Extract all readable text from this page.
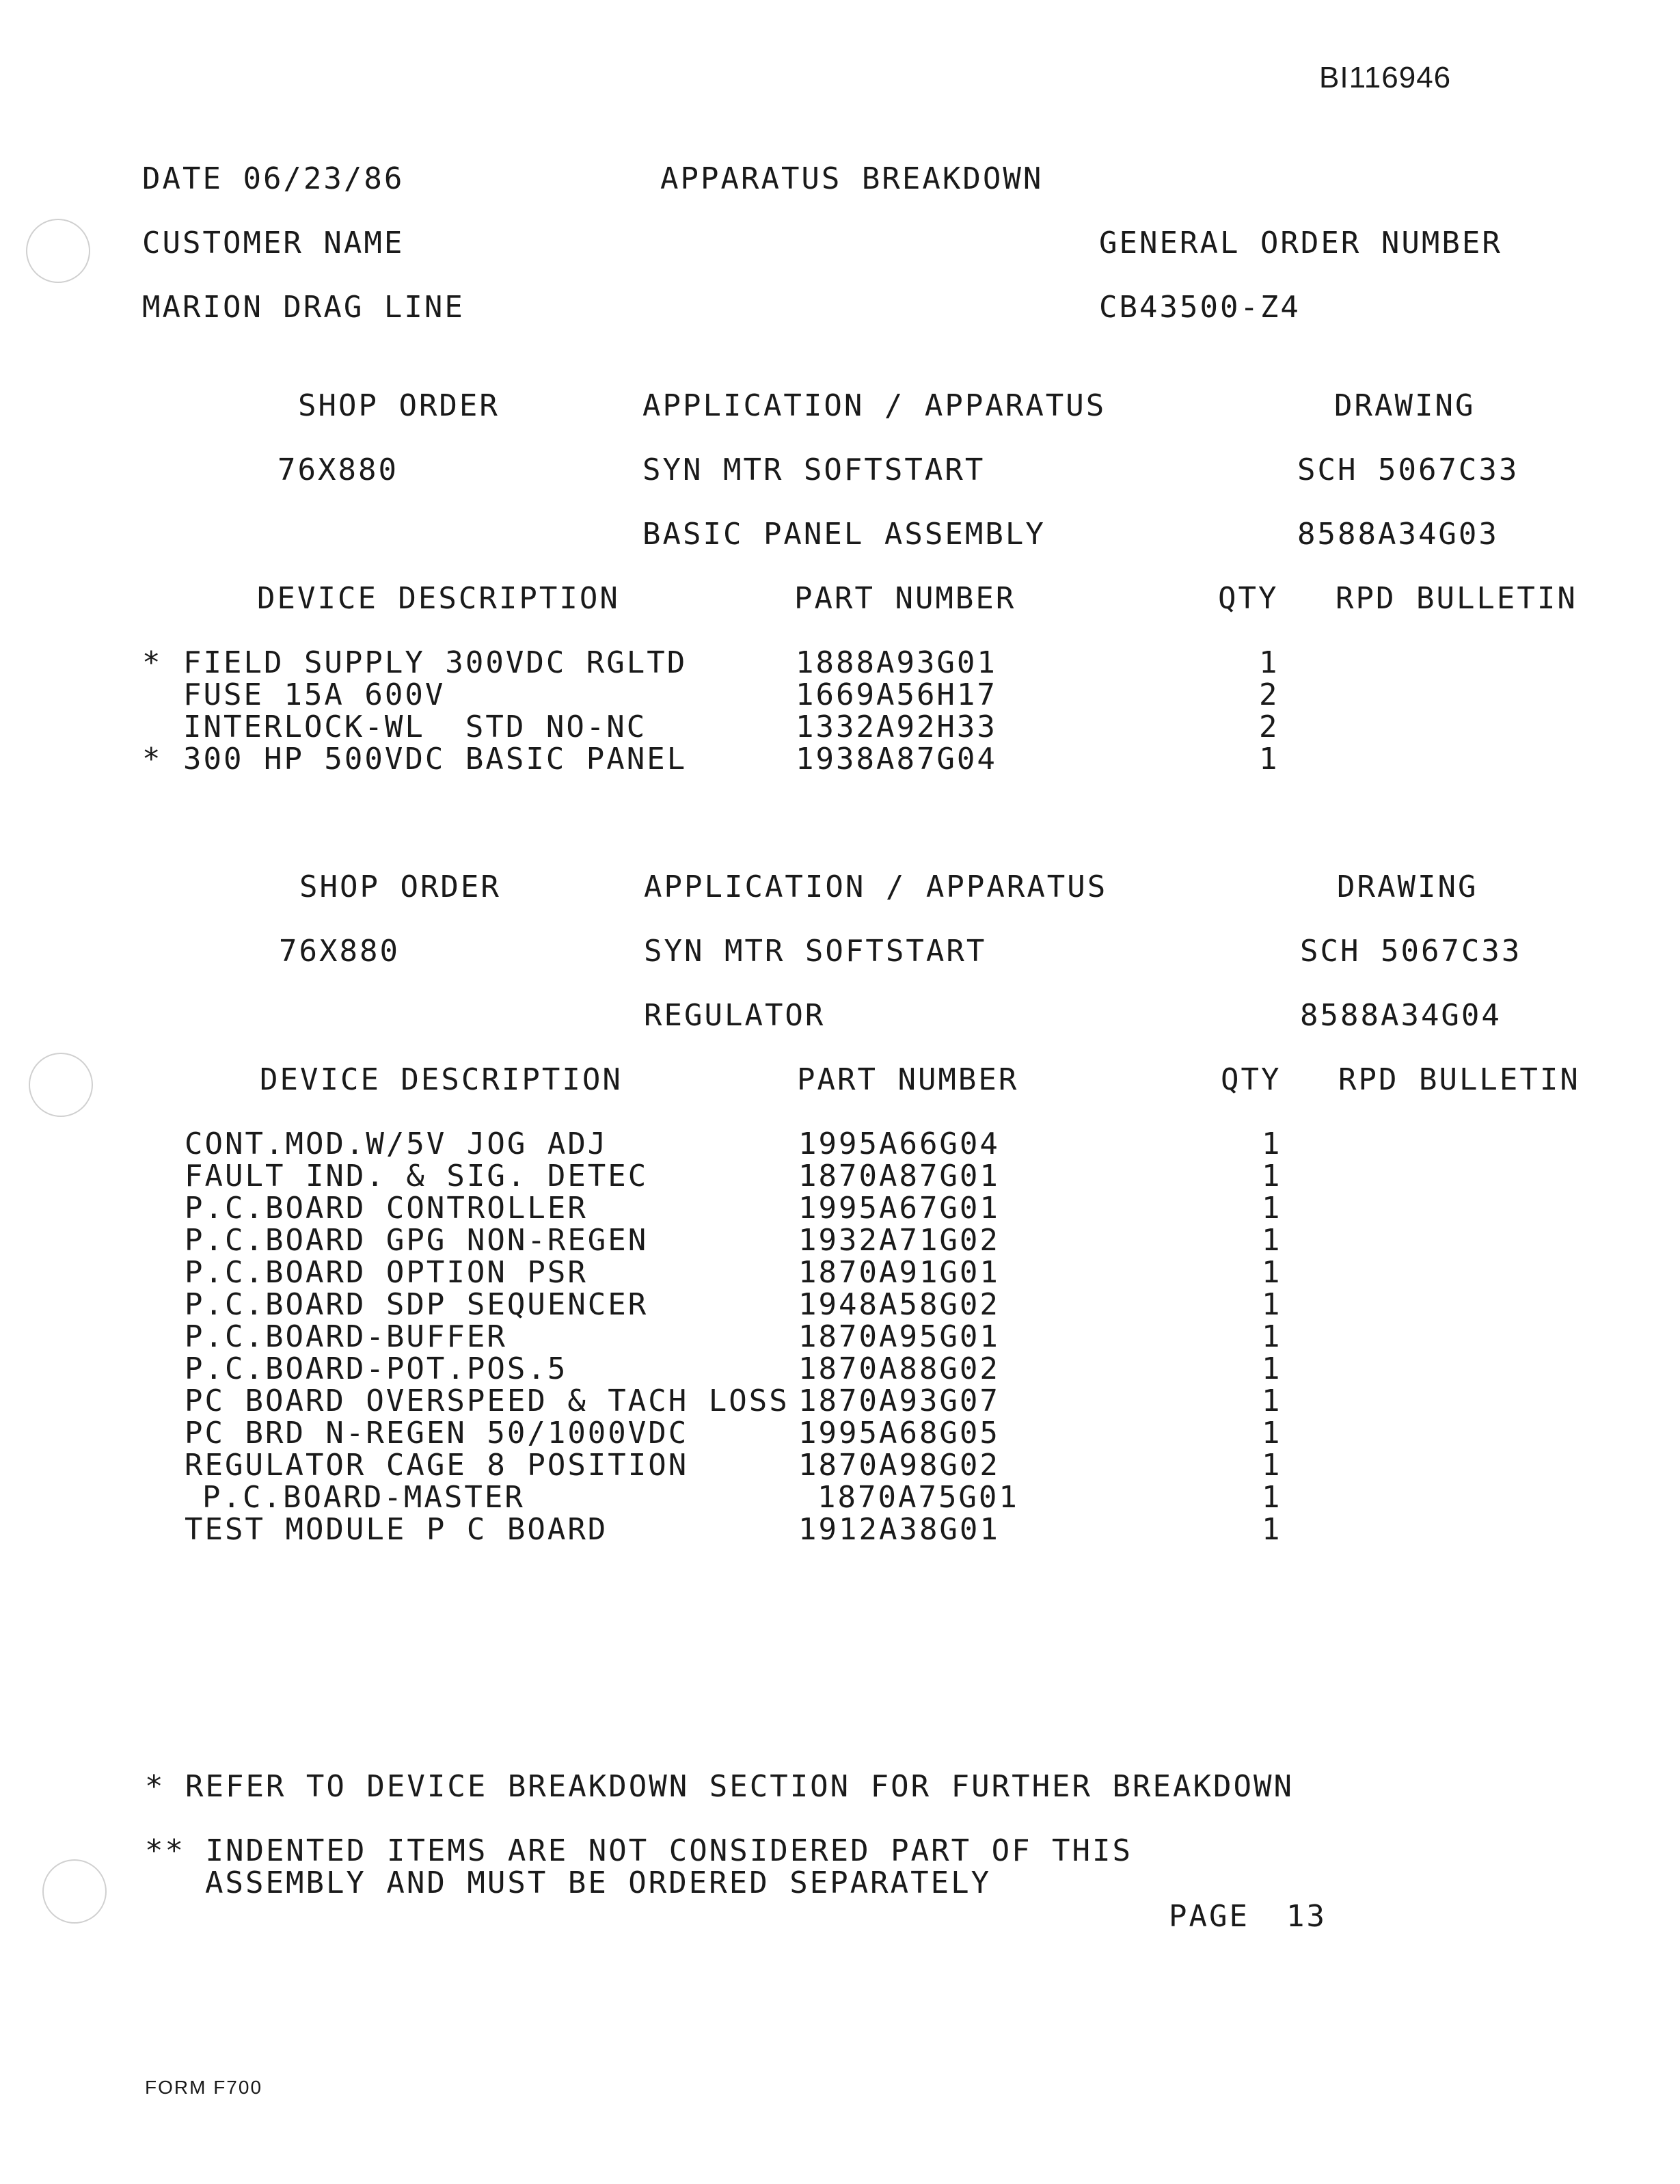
BI116946
DATE 06/23/86	APPARATUS BREAKDOWN
CUSTOMER NAME	GENERAL ORDER NUMBER
MARION DRAG LINE	CB43500-Z4
SHOP ORDER	APPLICATION / APPARATUS	DRAWING
76X880	SYN MTR SOFTSTART	SCH 5067C33
BASIC PANEL ASSEMBLY	8588A34G03
DEVICE DESCRIPTION	PART NUMBER	QTY RPD BULLETIN
* FIELD SUPPLY 300VDC RGLTD	1888A93G01	1
FUSE 15A 600V	1669A56H17	2
INTERLOCK-WL  STD NO-NC	1332A92H33	2
* 300 HP 500VDC BASIC PANEL	1938A87G04	1
SHOP ORDER	APPLICATION / APPARATUS	DRAWING
76X880	SYN MTR SOFTSTART	SCH 5067C33
REGULATOR	8588A34G04
DEVICE DESCRIPTION	PART NUMBER	QTY RPD BULLETIN
CONT.MOD.W/5V JOG ADJ	1995A66G04	1
FAULT IND. & SIG. DETEC	1870A87G01	1
P.C.BOARD CONTROLLER	1995A67G01	1
P.C.BOARD GPG NON-REGEN	1932A71G02	1
P.C.BOARD OPTION PSR	1870A91G01	1
P.C.BOARD SDP SEQUENCER	1948A58G02	1
P.C.BOARD-BUFFER	1870A95G01	1
P.C.BOARD-POT.POS.5	1870A88G02	1
PC BOARD OVERSPEED & TACH LOSS 1870A93G07	1
PC BRD N-REGEN 50/1000VDC	1995A68G05	1
REGULATOR CAGE 8 POSITION	1870A98G02	1
P.C.BOARD-MASTER	1870A75G01	1
TEST MODULE P C BOARD	1912A38G01	1
* REFER TO DEVICE BREAKDOWN SECTION FOR FURTHER BREAKDOWN
** INDENTED ITEMS ARE NOT CONSIDERED PART OF THIS
ASSEMBLY AND MUST BE ORDERED SEPARATELY
PAGE 13
FORM F700
